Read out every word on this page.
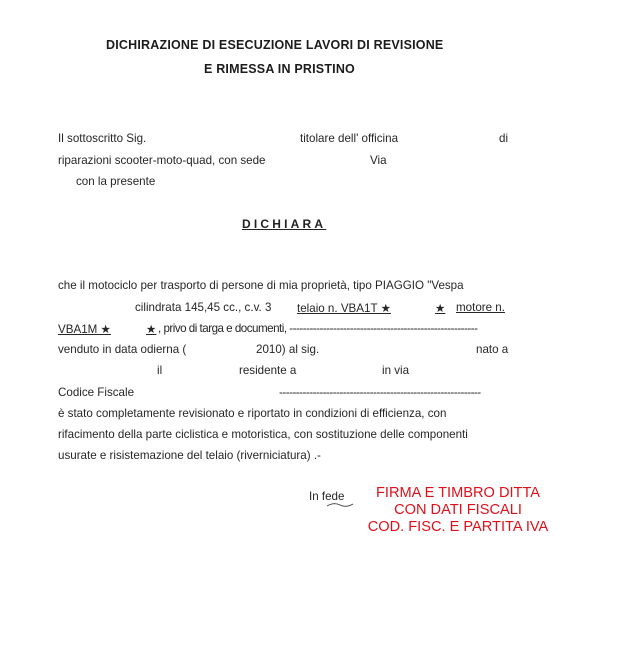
DICHIRAZIONE DI ESECUZIONE LAVORI DI REVISIONE
E RIMESSA IN PRISTINO
Il sottoscritto Sig.	titolare dell' officina	di
riparazioni scooter-moto-quad, con sede	Via
con la presente
DICHIARA
che il motociclo per trasporto di persone di mia proprietà, tipo PIAGGIO "Vespa
cilindrata 145,45 cc., c.v. 3 telaio n. VBA1T ★	★ motore n.
VBA1M ★	★ , privo di targa e documenti, --------------------------------------------------------
venduto in data odierna (	2010) al sig.	nato a
il	residente a	in via
Codice Fiscale	------------------------------------------------------------
è stato completamente revisionato e riportato in condizioni di efficienza, con
rifacimento della parte ciclistica e motoristica, con sostituzione delle componenti
usurate e risistemazione del telaio (riverniciatura) .-
In fede	FIRMA E TIMBRO DITTA
CON DATI FISCALI
COD. FISC. E PARTITA IVA
